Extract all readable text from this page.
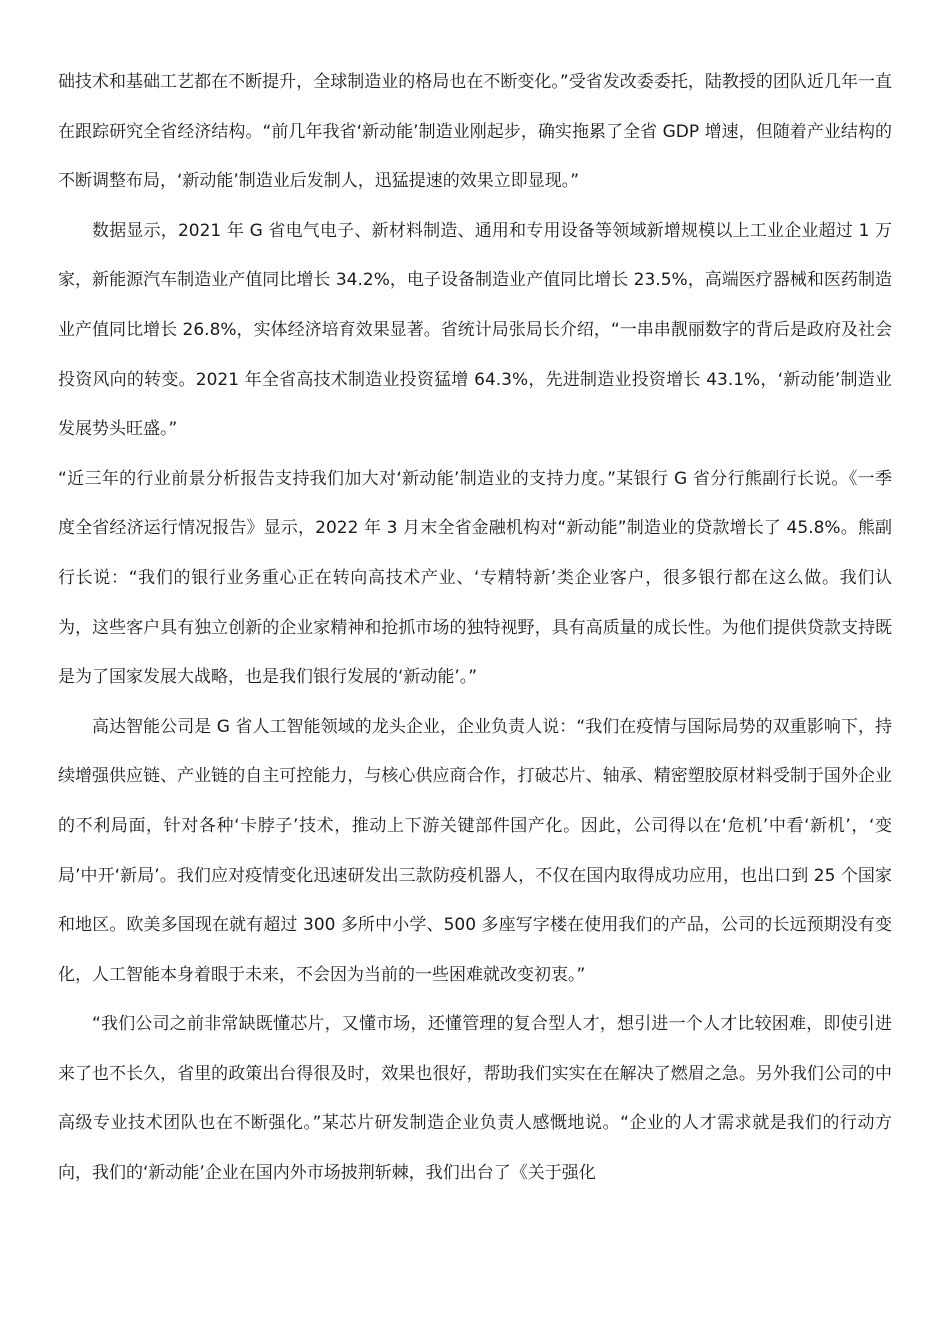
础技术和基础工艺都在不断提升，全球制造业的格局也在不断变化。”受省发改委委托，陆教授的团队近几年一直在跟踪研究全省经济结构。“前几年我省‘新动能’制造业刚起步，确实拖累了全省 GDP 增速，但随着产业结构的不断调整布局，‘新动能’制造业后发制人，迅猛提速的效果立即显现。”

数据显示，2021 年 G 省电气电子、新材料制造、通用和专用设备等领域新增规模以上工业企业超过 1 万家，新能源汽车制造业产值同比增长 34.2%，电子设备制造业产值同比增长 23.5%，高端医疗器械和医药制造业产值同比增长 26.8%，实体经济培育效果显著。省统计局张局长介绍，“一串串靓丽数字的背后是政府及社会投资风向的转变。2021 年全省高技术制造业投资猛增 64.3%，先进制造业投资增长 43.1%，‘新动能’制造业发展势头旺盛。”

“近三年的行业前景分析报告支持我们加大对‘新动能’制造业的支持力度。”某银行 G 省分行熊副行长说。《一季度全省经济运行情况报告》显示，2022 年 3 月末全省金融机构对“新动能”制造业的贷款增长了 45.8%。熊副行长说：“我们的银行业务重心正在转向高技术产业、‘专精特新’类企业客户，很多银行都在这么做。我们认为，这些客户具有独立创新的企业家精神和抢抓市场的独特视野，具有高质量的成长性。为他们提供贷款支持既是为了国家发展大战略，也是我们银行发展的‘新动能’。”

高达智能公司是 G 省人工智能领域的龙头企业，企业负责人说：“我们在疫情与国际局势的双重影响下，持续增强供应链、产业链的自主可控能力，与核心供应商合作，打破芯片、轴承、精密塑胶原材料受制于国外企业的不利局面，针对各种‘卡脖子’技术，推动上下游关键部件国产化。因此，公司得以在‘危机’中看‘新机’，‘变局’中开‘新局’。我们应对疫情变化迅速研发出三款防疫机器人，不仅在国内取得成功应用，也出口到 25 个国家和地区。欧美多国现在就有超过 300 多所中小学、500 多座写字楼在使用我们的产品，公司的长远预期没有变化，人工智能本身着眼于未来，不会因为当前的一些困难就改变初衷。”

“我们公司之前非常缺既懂芯片，又懂市场，还懂管理的复合型人才，想引进一个人才比较困难，即使引进来了也不长久，省里的政策出台得很及时，效果也很好，帮助我们实实在在解决了燃眉之急。另外我们公司的中高级专业技术团队也在不断强化。”某芯片研发制造企业负责人感慨地说。“企业的人才需求就是我们的行动方向，我们的‘新动能’企业在国内外市场披荆斩棘，我们出台了《关于强化
